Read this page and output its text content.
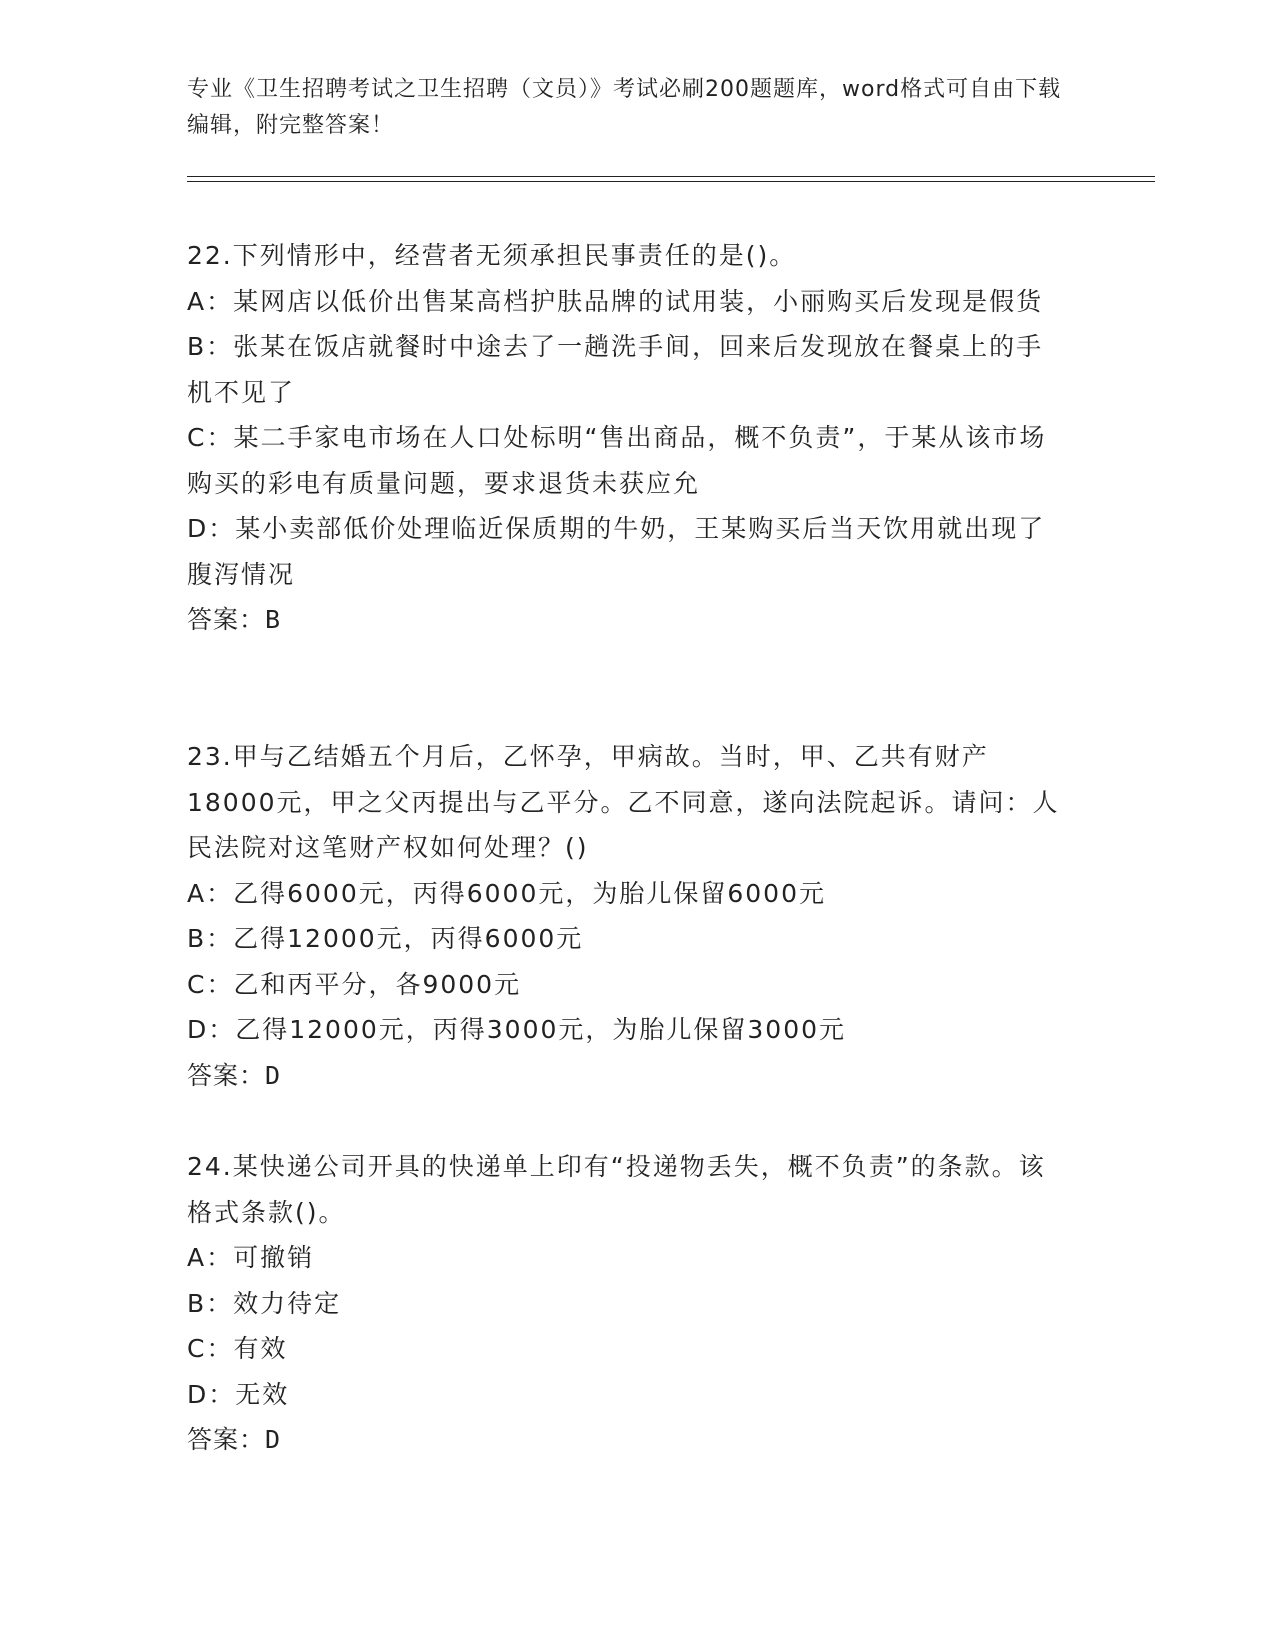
专业《卫生招聘考试之卫生招聘（文员）》考试必刷200题题库，word格式可自由下载编辑，附完整答案！
22.下列情形中，经营者无须承担民事责任的是()。
A：某网店以低价出售某高档护肤品牌的试用装，小丽购买后发现是假货
B：张某在饭店就餐时中途去了一趟洗手间，回来后发现放在餐桌上的手机不见了
C：某二手家电市场在人口处标明“售出商品，概不负责”，于某从该市场购买的彩电有质量问题，要求退货未获应允
D：某小卖部低价处理临近保质期的牛奶，王某购买后当天饮用就出现了腹泻情况
答案：B
23.甲与乙结婚五个月后，乙怀孕，甲病故。当时，甲、乙共有财产18000元，甲之父丙提出与乙平分。乙不同意，遂向法院起诉。请问：人民法院对这笔财产权如何处理？()
A：乙得6000元，丙得6000元，为胎儿保留6000元
B：乙得12000元，丙得6000元
C：乙和丙平分，各9000元
D：乙得12000元，丙得3000元，为胎儿保留3000元
答案：D
24.某快递公司开具的快递单上印有“投递物丢失，概不负责”的条款。该格式条款()。
A：可撤销
B：效力待定
C：有效
D：无效
答案：D
